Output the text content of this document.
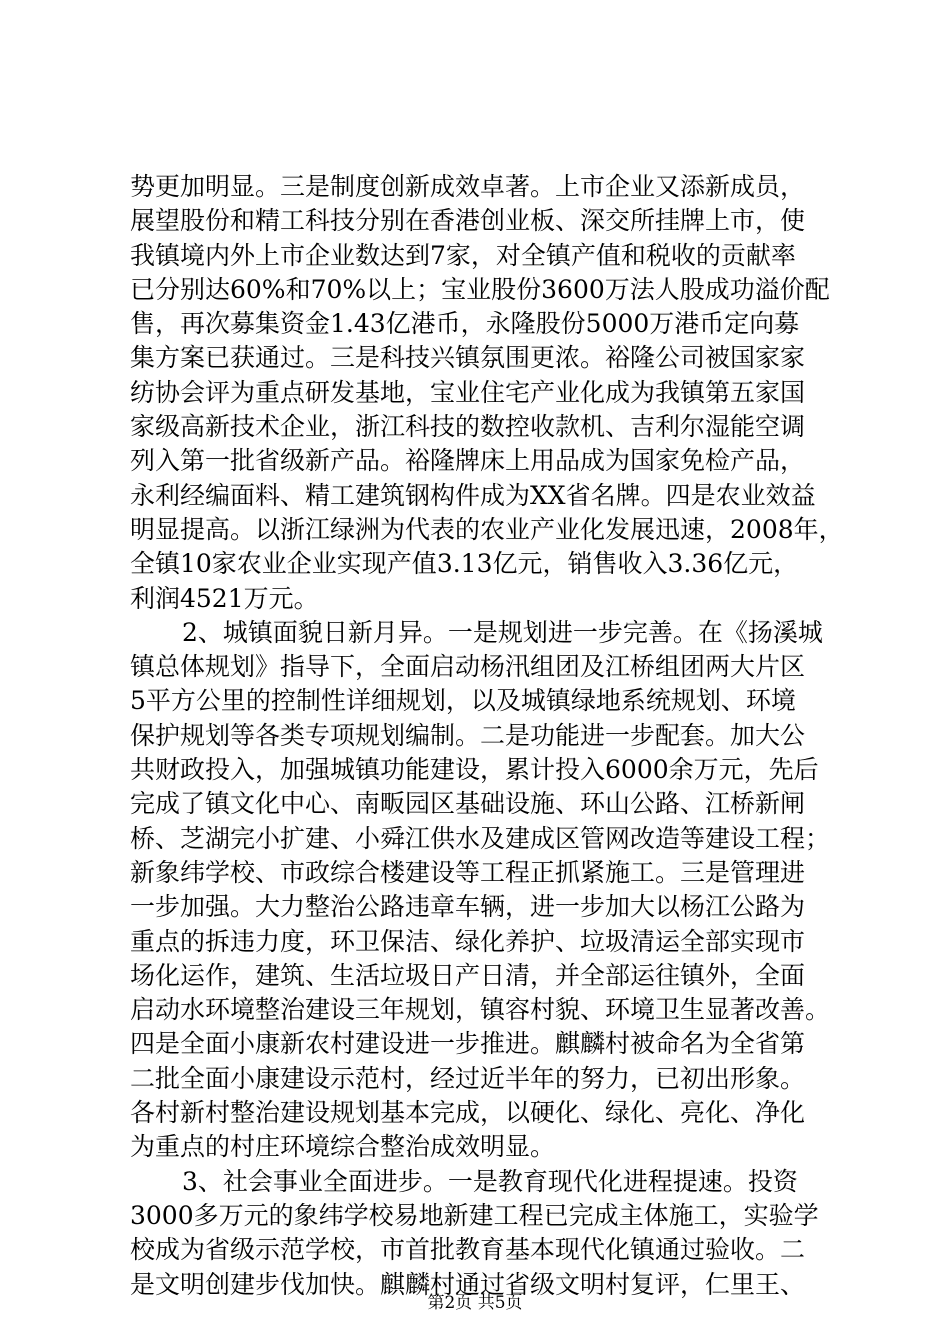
势更加明显。三是制度创新成效卓著。上市企业又添新成员，
展望股份和精工科技分别在香港创业板、深交所挂牌上市，使
我镇境内外上市企业数达到7家，对全镇产值和税收的贡献率
已分别达60%和70%以上；宝业股份3600万法人股成功溢价配
售，再次募集资金1.43亿港币，永隆股份5000万港币定向募
集方案已获通过。三是科技兴镇氛围更浓。裕隆公司被国家家
纺协会评为重点研发基地，宝业住宅产业化成为我镇第五家国
家级高新技术企业，浙江科技的数控收款机、吉利尔湿能空调
列入第一批省级新产品。裕隆牌床上用品成为国家免检产品，
永利经编面料、精工建筑钢构件成为XX省名牌。四是农业效益
明显提高。以浙江绿洲为代表的农业产业化发展迅速，2008年，
全镇10家农业企业实现产值3.13亿元，销售收入3.36亿元，
利润4521万元。
2、城镇面貌日新月异。一是规划进一步完善。在《扬溪城
镇总体规划》指导下，全面启动杨汛组团及江桥组团两大片区
5平方公里的控制性详细规划，以及城镇绿地系统规划、环境
保护规划等各类专项规划编制。二是功能进一步配套。加大公
共财政投入，加强城镇功能建设，累计投入6000余万元，先后
完成了镇文化中心、南畈园区基础设施、环山公路、江桥新闸
桥、芝湖完小扩建、小舜江供水及建成区管网改造等建设工程；
新象纬学校、市政综合楼建设等工程正抓紧施工。三是管理进
一步加强。大力整治公路违章车辆，进一步加大以杨江公路为
重点的拆违力度，环卫保洁、绿化养护、垃圾清运全部实现市
场化运作，建筑、生活垃圾日产日清，并全部运往镇外，全面
启动水环境整治建设三年规划，镇容村貌、环境卫生显著改善。
四是全面小康新农村建设进一步推进。麒麟村被命名为全省第
二批全面小康建设示范村，经过近半年的努力，已初出形象。
各村新村整治建设规划基本完成，以硬化、绿化、亮化、净化
为重点的村庄环境综合整治成效明显。
3、社会事业全面进步。一是教育现代化进程提速。投资
3000多万元的象纬学校易地新建工程已完成主体施工，实验学
校成为省级示范学校，市首批教育基本现代化镇通过验收。二
是文明创建步伐加快。麒麟村通过省级文明村复评，仁里王、
第2页 共5页
